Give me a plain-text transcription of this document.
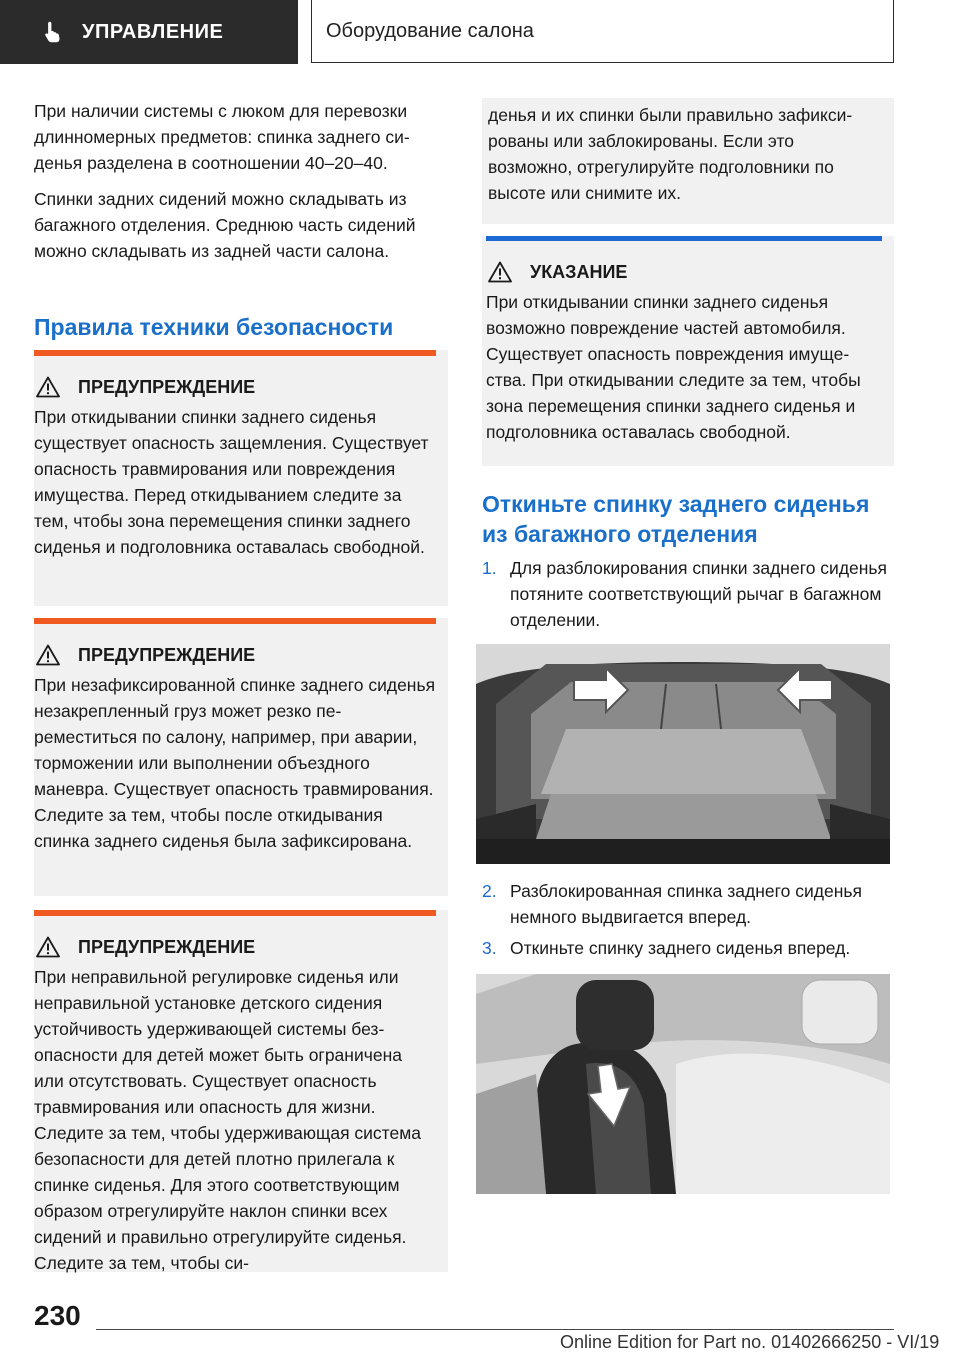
УПРАВЛЕНИЕ	Оборудование салона

При наличии системы с люком для перевозки длинномерных предметов: спинка заднего сиденья разделена в соотношении 40–20–40.

Спинки задних сидений можно складывать из багажного отделения. Среднюю часть сидений можно складывать из задней части салона.

Правила техники безопасности
ПРЕДУПРЕЖДЕНИЕ
При откидывании спинки заднего сиденья существует опасность защемления. Существует опасность травмирования или повреждения имущества. Перед откидыванием следите за тем, чтобы зона перемещения спинки заднего сиденья и подголовника оставалась свободной.
ПРЕДУПРЕЖДЕНИЕ
При незафиксированной спинке заднего сиденья незакрепленный груз может резко переместиться по салону, например, при аварии, торможении или выполнении объездного маневра. Существует опасность травмирования. Следите за тем, чтобы после откидывания спинка заднего сиденья была зафиксирована.
ПРЕДУПРЕЖДЕНИЕ
При неправильной регулировке сиденья или неправильной установке детского сидения устойчивость удерживающей системы безопасности для детей может быть ограничена или отсутствовать. Существует опасность травмирования или опасность для жизни. Следите за тем, чтобы удерживающая система безопасности для детей плотно прилегала к спинке сиденья. Для этого соответствующим образом отрегулируйте наклон спинки всех сидений и правильно отрегулируйте сиденья. Следите за тем, чтобы си-
денья и их спинки были правильно зафиксированы или заблокированы. Если это возможно, отрегулируйте подголовники по высоте или снимите их.
УКАЗАНИЕ
При откидывании спинки заднего сиденья возможно повреждение частей автомобиля. Существует опасность повреждения имущества. При откидывании следите за тем, чтобы зона перемещения спинки заднего сиденья и подголовника оставалась свободной.
Откиньте спинку заднего сиденья из багажного отделения
1. Для разблокирования спинки заднего сиденья потяните соответствующий рычаг в багажном отделении.
2. Разблокированная спинка заднего сиденья немного выдвигается вперед.
3. Откиньте спинку заднего сиденья вперед.
230
Online Edition for Part no. 01402666250 - VI/19
